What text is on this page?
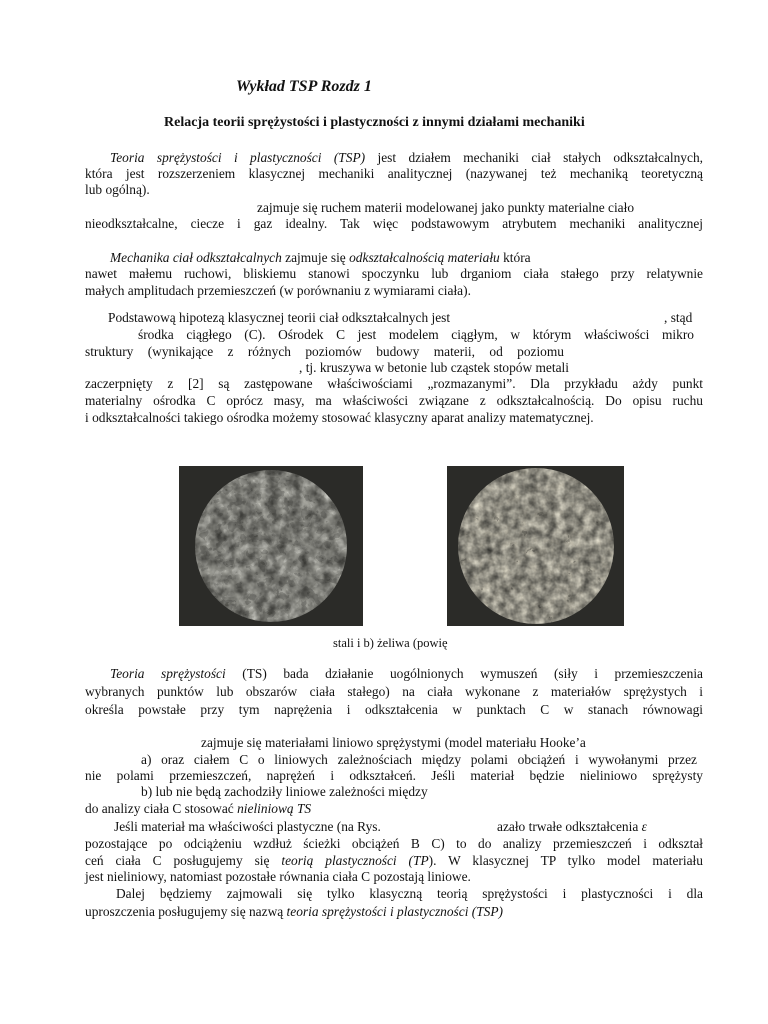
Wykład TSP Rozdz 1
Relacja teorii sprężystości i plastyczności z innymi działami mechaniki
Teoria sprężystości i plastyczności (TSP) jest działem mechaniki ciał stałych odkształcalnych,
która jest rozszerzeniem klasycznej mechaniki analitycznej (nazywanej też mechaniką teoretyczną
lub ogólną).
zajmuje się ruchem materii modelowanej jako punkty materialne ciało
nieodkształcalne, ciecze i gaz idealny. Tak więc podstawowym atrybutem mechaniki analitycznej
Mechanika ciał odkształcalnych zajmuje się odkształcalnością materiału która
nawet małemu ruchowi, bliskiemu stanowi spoczynku lub drganiom ciała stałego przy relatywnie
małych amplitudach przemieszczeń (w porównaniu z wymiarami ciała).
Podstawową hipotezą klasycznej teorii ciał odkształcalnych jest	, stąd
środka ciągłego (C). Ośrodek C jest modelem ciągłym, w którym właściwości mikro
struktury (wynikające z różnych poziomów budowy materii, od poziomu
, tj. kruszywa w betonie lub cząstek stopów metali
zaczerpnięty z [2] są zastępowane właściwościami „rozmazanymi”. Dla przykładu ażdy punkt
materialny ośrodka C oprócz masy, ma właściwości związane z odkształcalnością. Do opisu ruchu
i odkształcalności takiego ośrodka możemy stosować klasyczny aparat analizy matematycznej.
stali i b) żeliwa (powię
Teoria sprężystości (TS) bada działanie uogólnionych wymuszeń (siły i przemieszczenia
wybranych punktów lub obszarów ciała stałego) na ciała wykonane z materiałów sprężystych i
określa powstałe przy tym naprężenia i odkształcenia w punktach C w stanach równowagi
zajmuje się materiałami liniowo sprężystymi (model materiału Hooke’a
a) oraz ciałem C o liniowych zależnościach między polami obciążeń i wywołanymi przez
nie polami przemieszczeń, naprężeń i odkształceń. Jeśli materiał będzie nieliniowo sprężysty
b) lub nie będą zachodziły liniowe zależności między
do analizy ciała C stosować nieliniową TS
Jeśli materiał ma właściwości plastyczne (na Rys.	azało trwałe odkształcenia ε
pozostające po odciążeniu wzdłuż ścieżki obciążeń B C) to do analizy przemieszczeń i odkształ
ceń ciała C posługujemy się teorią plastyczności (TP). W klasycznej TP tylko model materiału
jest nieliniowy, natomiast pozostałe równania ciała C pozostają liniowe.
Dalej będziemy zajmowali się tylko klasyczną teorią sprężystości i plastyczności i dla
uproszczenia posługujemy się nazwą teoria sprężystości i plastyczności (TSP)
